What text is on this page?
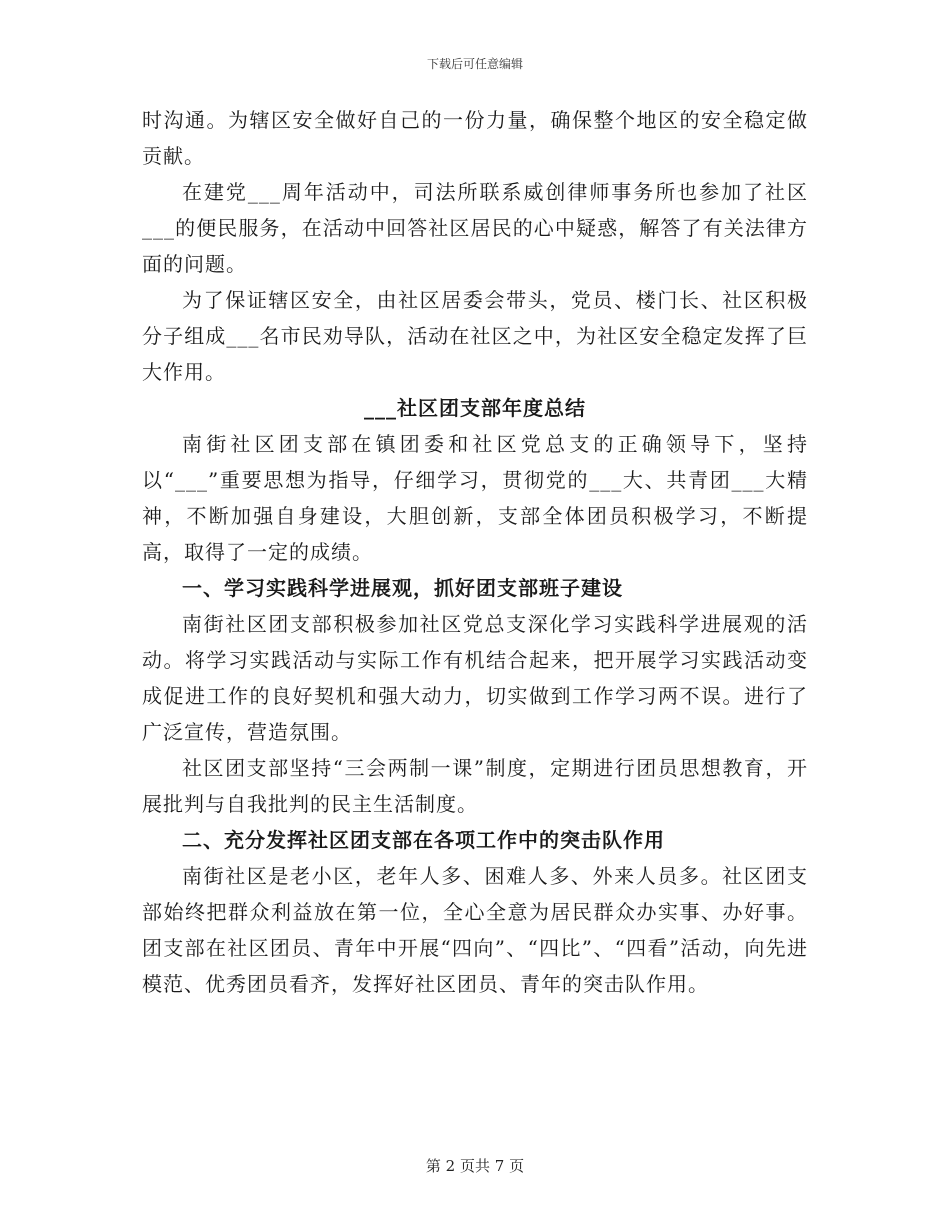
下载后可任意编辑

时沟通。为辖区安全做好自己的一份力量，确保整个地区的安全稳定做贡献。

在建党___周年活动中，司法所联系威创律师事务所也参加了社区___的便民服务，在活动中回答社区居民的心中疑惑，解答了有关法律方面的问题。

为了保证辖区安全，由社区居委会带头，党员、楼门长、社区积极分子组成___名市民劝导队，活动在社区之中，为社区安全稳定发挥了巨大作用。

___社区团支部年度总结

南街社区团支部在镇团委和社区党总支的正确领导下，坚持以“___”重要思想为指导，仔细学习，贯彻党的___大、共青团___大精神，不断加强自身建设，大胆创新，支部全体团员积极学习，不断提高，取得了一定的成绩。

一、学习实践科学进展观，抓好团支部班子建设

南街社区团支部积极参加社区党总支深化学习实践科学进展观的活动。将学习实践活动与实际工作有机结合起来，把开展学习实践活动变成促进工作的良好契机和强大动力，切实做到工作学习两不误。进行了广泛宣传，营造氛围。

社区团支部坚持“三会两制一课”制度，定期进行团员思想教育，开展批判与自我批判的民主生活制度。

二、充分发挥社区团支部在各项工作中的突击队作用

南街社区是老小区，老年人多、困难人多、外来人员多。社区团支部始终把群众利益放在第一位，全心全意为居民群众办实事、办好事。团支部在社区团员、青年中开展“四向”、“四比”、“四看”活动，向先进模范、优秀团员看齐，发挥好社区团员、青年的突击队作用。

第 2 页共 7 页
